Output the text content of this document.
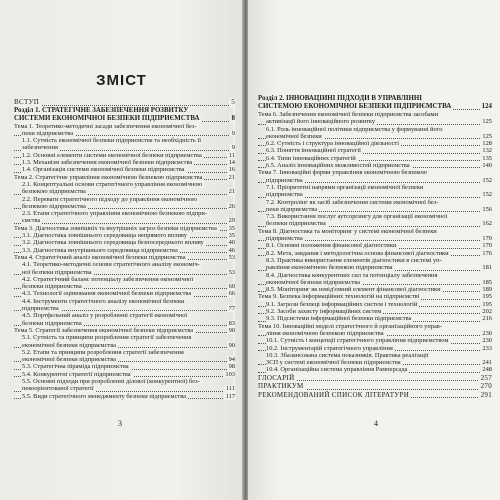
ВСТУП	5
Розділ 1. СТРАТЕГІЧНЕ ЗАБЕЗПЕЧЕННЯ РОЗВИТКУ
СИСТЕМИ ЕКОНОМІЧНОЇ БЕЗПЕКИ ПІДПРИЄМСТВА	8
Тема 1. Теоретико-методичні засади забезпечення економічної без-
пеки підприємства	9
1.1. Сутність економічної безпеки підприємства та необхідність її
забезпечення	9
1.2. Основні елементи системи економічної безпеки підприємства	11
1.3. Механізм забезпечення економічної безпеки підприємства	14
1.4. Організація системи економічної безпеки підприємства	16
Тема 2. Стратегічне управління економічною безпекою підприємства	21
2.1. Концептуальні основи стратегічного управління економічною
безпекою підприємства	21
2.2. Переваги стратегічного підходу до управління економічною
безпекою підприємства	26
2.3. Етапи стратегічного управління економічною безпекою підпри-
ємства	29
Тема 3. Діагностика зовнішніх та внутрішніх загроз безпеки підприємства	35
3.1. Діагностика зовнішнього середовища непрямого впливу	35
3.2. Діагностика зовнішнього середовища безпосереднього впливу	40
3.3. Діагностика внутрішнього середовища підприємства	46
Тема 4. Стратегічний аналіз економічної безпеки підприємства	53
4.1. Теоретико-методичні основи стратегічного аналізу економіч-
ної безпеки підприємства	53
4.2. Стратегічний баланс потенціалу забезпечення економічної
безпеки підприємства	60
4.3. Технології оцінювання економічної безпеки підприємства	66
4.4. Інструменти стратегічного аналізу економічної безпеки
підприємства	77
4.5. Портфельний аналіз у розробленні стратегії економічної
безпеки підприємства	83
Тема 5. Стратегії забезпечення економічної безпеки підприємства	90
5.1. Сутність та принципи розроблення стратегії забезпечення
економічної безпеки підприємства	90
5.2. Етапи та принципи розроблення стратегії забезпечення
економічної безпеки підприємства	94
5.3. Стратегічна піраміда підприємства	98
5.4. Конкурентні стратегії підприємства	103
5.5. Основні підходи при розробленні ділової (конкурентної) без-
пекоорієнтованої стратегії	111
5.5. Види стратегічного менеджменту безпеки підприємства	117
3
ЗМІСТ
Розділ 2. ІННОВАЦІЙНІ ПІДХОДИ В УПРАВЛІННІ
СИСТЕМОЮ ЕКОНОМІЧНОЇ БЕЗПЕКИ ПІДПРИЄМСТВА	124
Тема 6. Забезпечення економічної безпеки підприємства засобами
активізації його інноваційного розвитку	125
6.1. Роль інноваційної політики підприємства у формуванні його
економічної безпеки	125
6.2. Сутність і структура інноваційної діяльності	128
6.3. Поняття інноваційної стратегії	132
6.4. Типи інноваційних стратегій	135
6.5. Аналіз інноваційних можливостей підприємства	140
Тема 7. Інноваційні форми управління економічною безпекою
підприємства	152
7.1. Пріоритетні напрями організації економічної безпеки
підприємства	152
7.2. Контролінг як засіб забезпечення системи економічної без-
пеки підприємства	156
7.3. Використання послуг аутсорсингу для організації економічної
безпеки підприємства	162
Тема 8. Діагностика та моніторинг у системі економічної безпеки
підприємства	170
8.1. Основні положення фінансової діагностики	170
8.2. Мета, завдання і методологічна основа фінансової діагностики	176
8.3. Практика використання елементів діагностики в системі уп-
равління економічною безпекою підприємства	181
8.4. Діагностика конкурентних сил та потенціалу забезпечення
економічної безпеки підприємства	185
8.5. Моніторинг як невід'ємний елемент фінансової діагностики	189
Тема 9. Безпека інформаційних технологій на підприємстві	195
9.1. Загрози безпеці інформаційних систем і технологій	195
9.2. Засоби захисту інформаційних систем	202
9.3. Підсистеми інформаційної безпеки підприємства	216
Тема 10. Інноваційні моделі стратегічного й організаційного управ-
ління економічною безпекою підприємства	230
10.1. Сутність і концепції стратегічного управління підприємством	230
10.2. Інструментарій стратегічного управління	233
10.3. Збалансована система показників. Практика реалізації
ЗСП у системі економічної безпеки підприємства	241
10.4. Організаційна система управління Рамперсада	248
ГЛОСАРІЙ	257
ПРАКТИКУМ	270
РЕКОМЕНДОВАНИЙ СПИСОК ЛІТЕРАТУРИ	291
4
